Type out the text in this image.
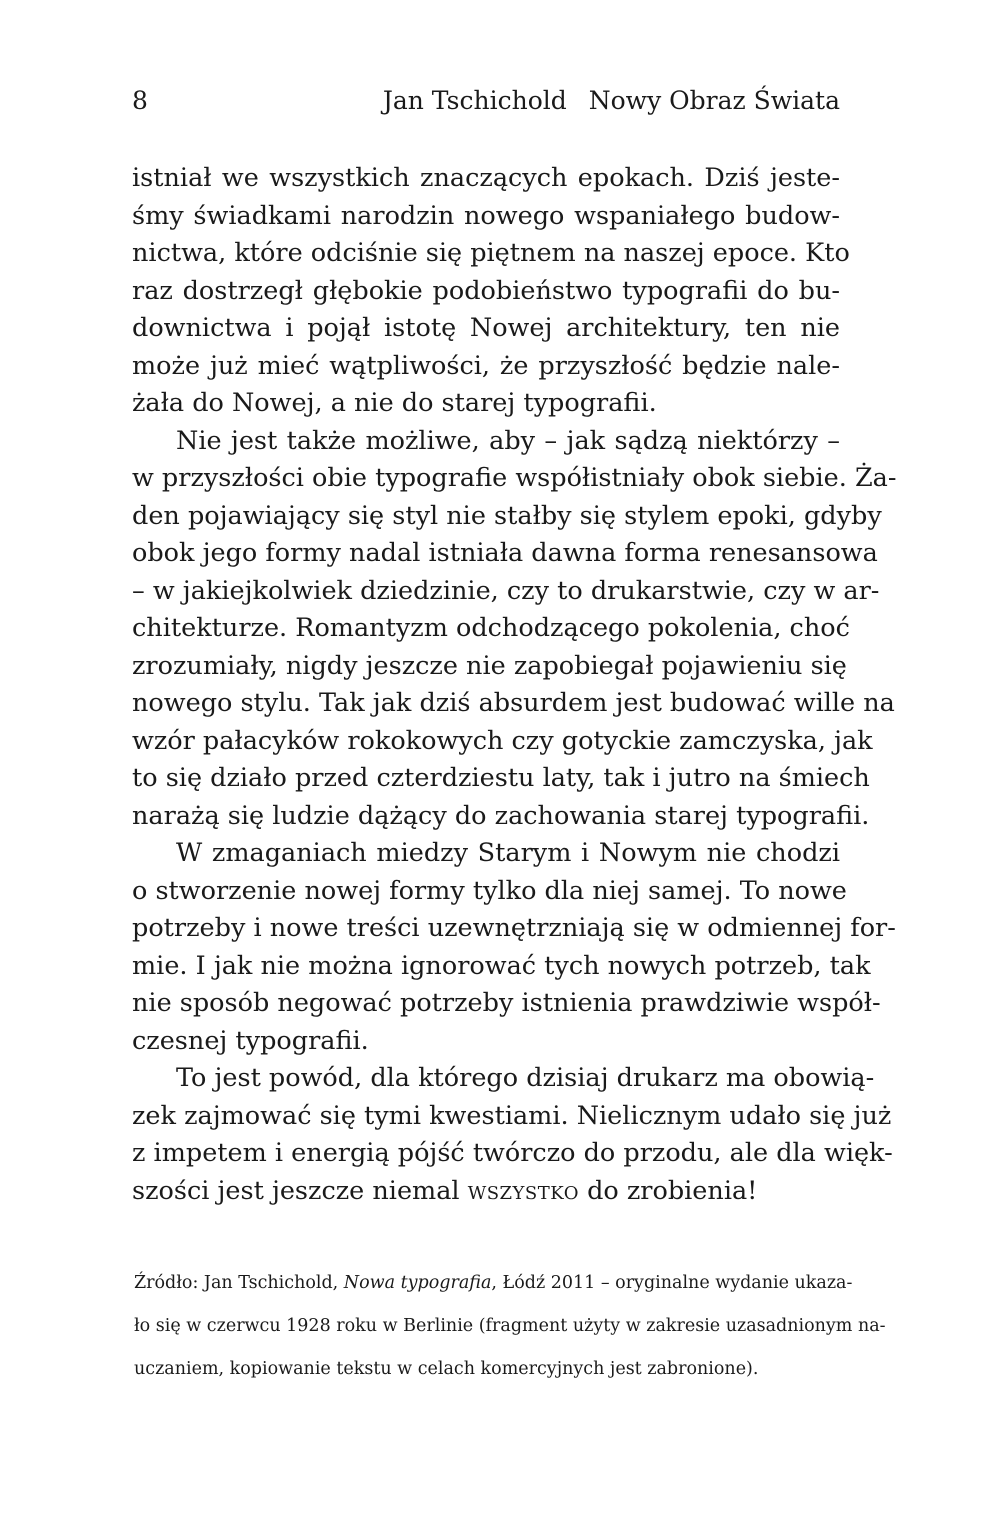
8	Jan Tschichold Nowy Obraz Świata
istniał we wszystkich znaczących epokach. Dziś jeste-
śmy świadkami narodzin nowego wspaniałego budow-
nictwa, które odciśnie się piętnem na naszej epoce. Kto
raz dostrzegł głębokie podobieństwo typografii do bu-
downictwa i pojął istotę Nowej architektury, ten nie
może już mieć wątpliwości, że przyszłość będzie nale-
żała do Nowej, a nie do starej typografii.
Nie jest także możliwe, aby – jak sądzą niektórzy –
w przyszłości obie typografie współistniały obok siebie. Ża-
den pojawiający się styl nie stałby się stylem epoki, gdyby
obok jego formy nadal istniała dawna forma renesansowa
– w jakiejkolwiek dziedzinie, czy to drukarstwie, czy w ar-
chitekturze. Romantyzm odchodzącego pokolenia, choć
zrozumiały, nigdy jeszcze nie zapobiegał pojawieniu się
nowego stylu. Tak jak dziś absurdem jest budować wille na
wzór pałacyków rokokowych czy gotyckie zamczyska, jak
to się działo przed czterdziestu laty, tak i jutro na śmiech
narażą się ludzie dążący do zachowania starej typografii.
W zmaganiach miedzy Starym i Nowym nie chodzi
o stworzenie nowej formy tylko dla niej samej. To nowe
potrzeby i nowe treści uzewnętrzniają się w odmiennej for-
mie. I jak nie można ignorować tych nowych potrzeb, tak
nie sposób negować potrzeby istnienia prawdziwie współ-
czesnej typografii.
To jest powód, dla którego dzisiaj drukarz ma obowią-
zek zajmować się tymi kwestiami. Nielicznym udało się już
z impetem i energią pójść twórczo do przodu, ale dla więk-
szości jest jeszcze niemal wszystko do zrobienia!
Źródło: Jan Tschichold, Nowa typografia, Łódź 2011 – oryginalne wydanie ukaza-
ło się w czerwcu 1928 roku w Berlinie (fragment użyty w zakresie uzasadnionym na-
uczaniem, kopiowanie tekstu w celach komercyjnych jest zabronione).
